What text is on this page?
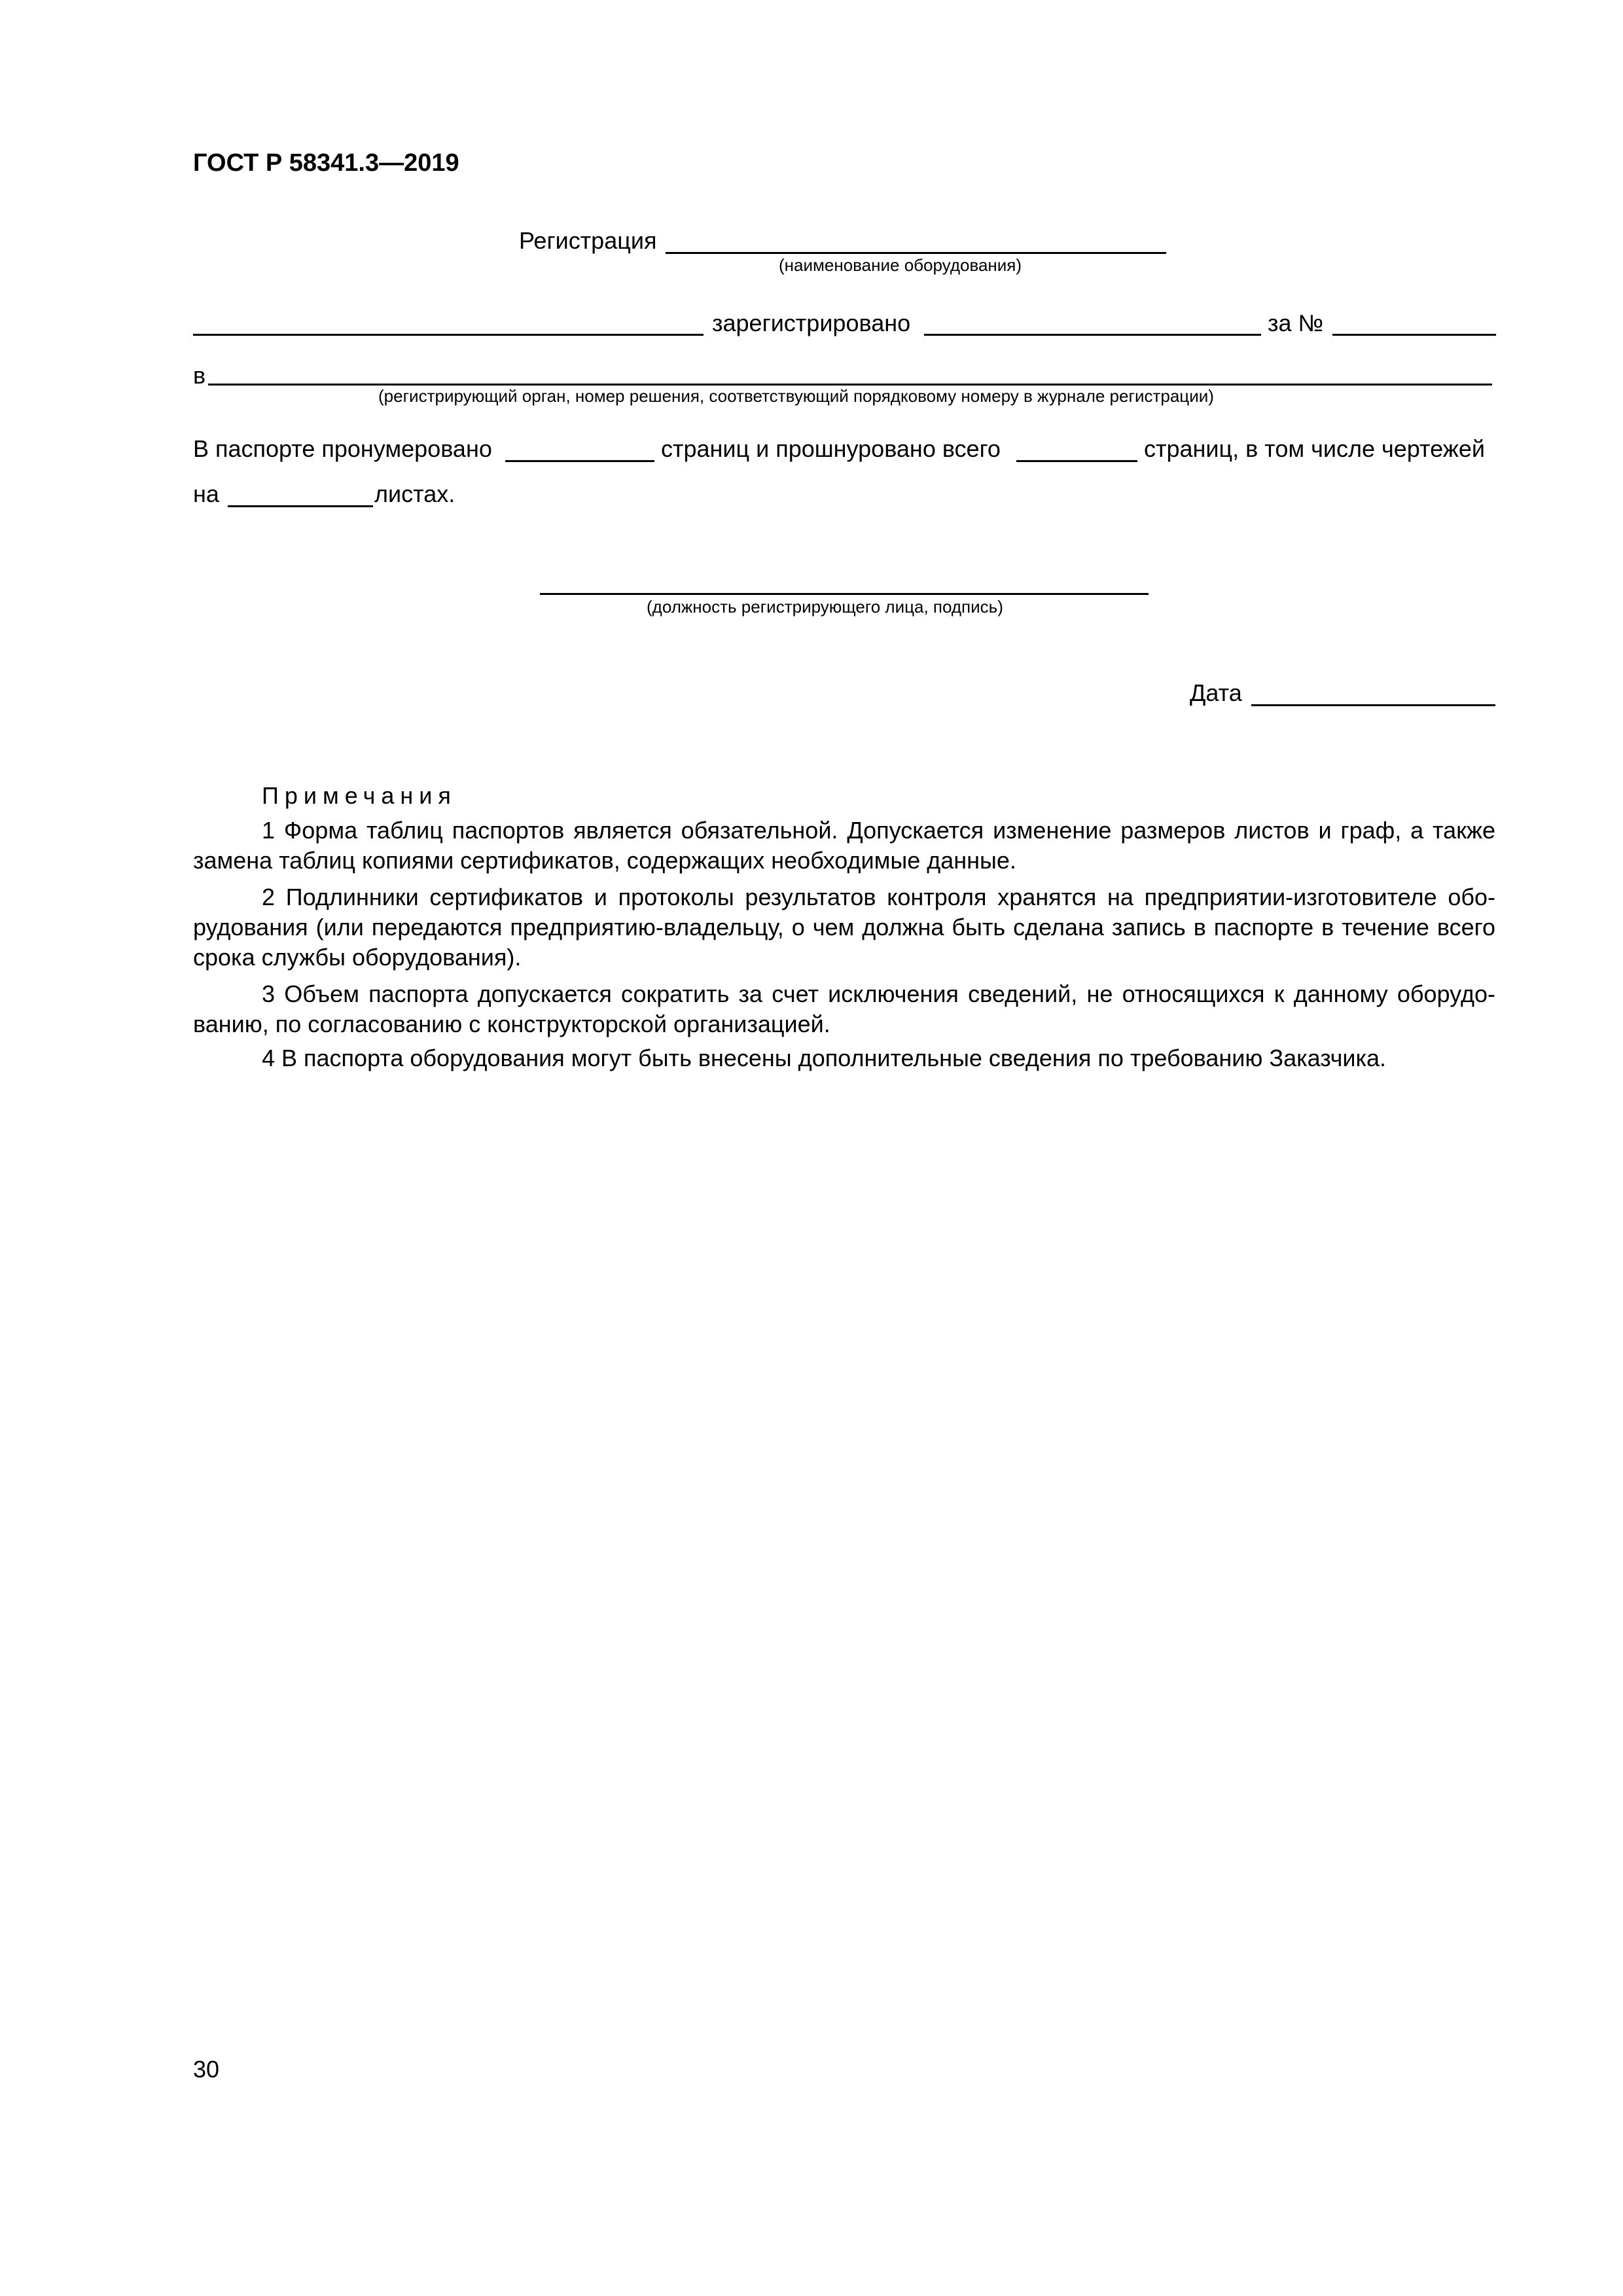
ГОСТ Р 58341.3—2019
Регистрация
(наименование оборудования)
зарегистрировано	за №
в
(регистрирующий орган, номер решения, соответствующий порядковому номеру в журнале регистрации)
В паспорте пронумеровано	страниц и прошнуровано всего	страниц, в том числе чертежей
на	листах.
(должность регистрирующего лица, подпись)
Дата
Примечания

1 Форма таблиц паспортов является обязательной. Допускается изменение размеров листов и граф, а также замена таблиц копиями сертификатов, содержащих необходимые данные.

2 Подлинники сертификатов и протоколы результатов контроля хранятся на предприятии-изготовителе обо-рудования (или передаются предприятию-владельцу, о чем должна быть сделана запись в паспорте в течение всего срока службы оборудования).

3 Объем паспорта допускается сократить за счет исключения сведений, не относящихся к данному оборудо-ванию, по согласованию с конструкторской организацией.

4 В паспорта оборудования могут быть внесены дополнительные сведения по требованию Заказчика.

30
